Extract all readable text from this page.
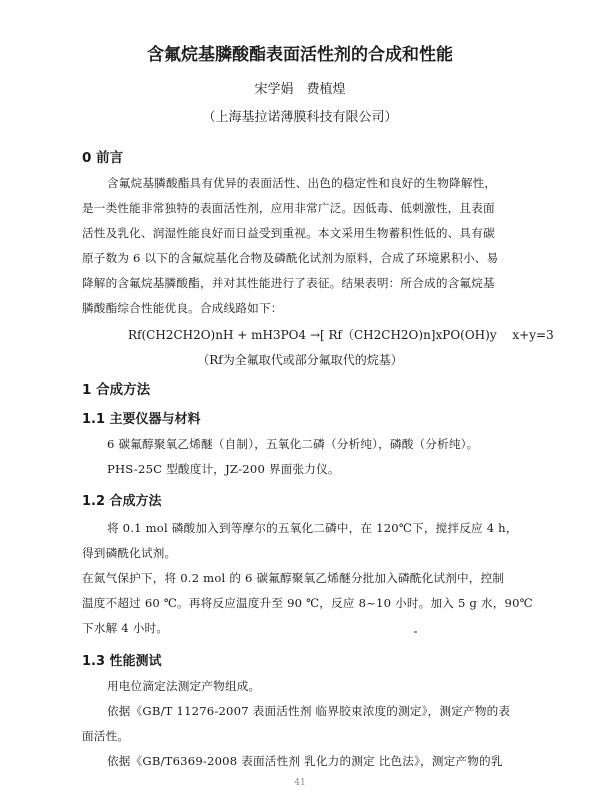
含氟烷基膦酸酯表面活性剂的合成和性能
宋学娟　费植煌
（上海基拉诺薄膜科技有限公司）
0 前言
含氟烷基膦酸酯具有优异的表面活性、出色的稳定性和良好的生物降解性，
是一类性能非常独特的表面活性剂，应用非常广泛。因低毒、低刺激性，且表面
活性及乳化、润湿性能良好而日益受到重视。本文采用生物蓄积性低的、具有碳
原子数为 6 以下的含氟烷基化合物及磷酰化试剂为原料，合成了环境累积小、易
降解的含氟烷基膦酸酯，并对其性能进行了表征。结果表明：所合成的含氟烷基
膦酸酯综合性能优良。合成线路如下：
Rf(CH2CH2O)nH + mH3PO4 →[ Rf（CH2CH2O)n]xPO(OH)y　 x+y=3
（Rf为全氟取代或部分氟取代的烷基）
1 合成方法
1.1 主要仪器与材料
6 碳氟醇聚氧乙烯醚（自制），五氧化二磷（分析纯），磷酸（分析纯）。
PHS-25C 型酸度计，JZ-200 界面张力仪。
1.2 合成方法
将 0.1 mol 磷酸加入到等摩尔的五氧化二磷中，在 120℃下，搅拌反应 4 h，
得到磷酰化试剂。
在氮气保护下，将 0.2 mol 的 6 碳氟醇聚氧乙烯醚分批加入磷酰化试剂中，控制
温度不超过 60 ℃。再将反应温度升至 90 ℃，反应 8~10 小时。加入 5 g 水，90℃
下水解 4 小时。
1.3 性能测试
用电位滴定法测定产物组成。
依据《GB/T 11276-2007 表面活性剂 临界胶束浓度的测定》，测定产物的表
面活性。
依据《GB/T6369-2008 表面活性剂 乳化力的测定 比色法》，测定产物的乳
41
